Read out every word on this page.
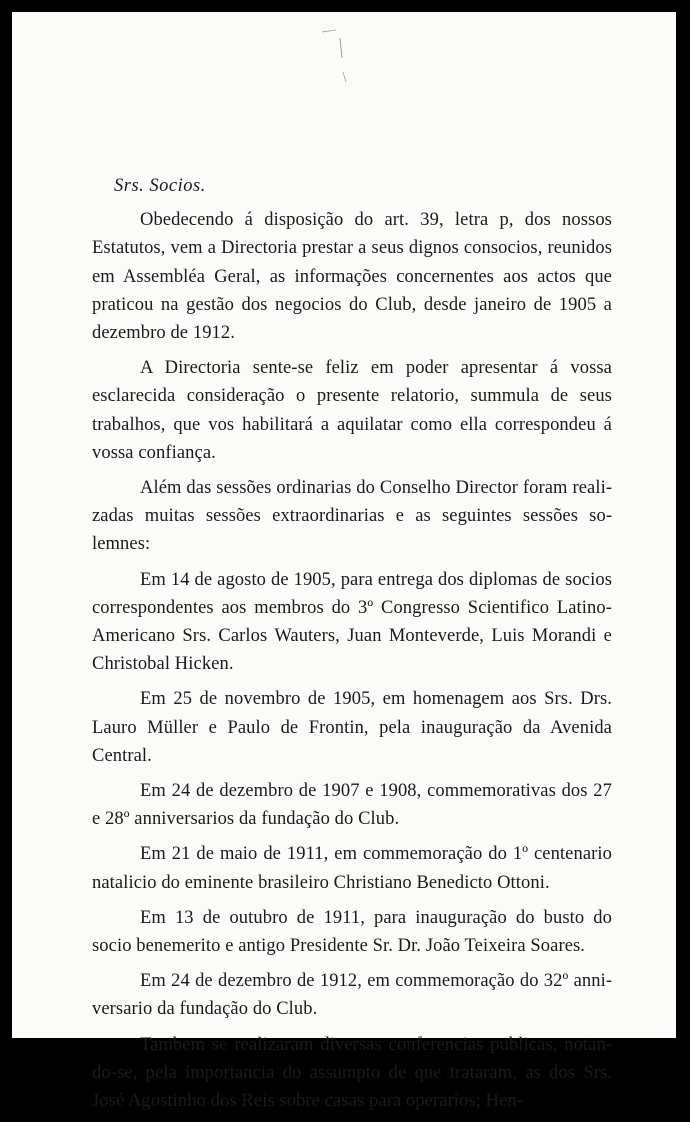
Srs. Socios.

Obedecendo á disposição do art. 39, letra p, dos nossos Estatutos, vem a Directoria prestar a seus dignos consocios, reunidos em Assembléa Geral, as informações concernentes aos actos que praticou na gestão dos negocios do Club, desde janeiro de 1905 a dezembro de 1912.

A Directoria sente-se feliz em poder apresentar á vossa esclarecida consideração o presente relatorio, summula de seus trabalhos, que vos habilitará a aquilatar como ella correspondeu á vossa confiança.

Além das sessões ordinarias do Conselho Director foram realizadas muitas sessões extraordinarias e as seguintes sessões solemnes:

Em 14 de agosto de 1905, para entrega dos diplomas de socios correspondentes aos membros do 3º Congresso Scientifico Latino-Americano Srs. Carlos Wauters, Juan Monteverde, Luis Morandi e Christobal Hicken.

Em 25 de novembro de 1905, em homenagem aos Srs. Drs. Lauro Müller e Paulo de Frontin, pela inauguração da Avenida Central.

Em 24 de dezembro de 1907 e 1908, commemorativas dos 27 e 28º anniversarios da fundação do Club.

Em 21 de maio de 1911, em commemoração do 1º centenario natalicio do eminente brasileiro Christiano Benedicto Ottoni.

Em 13 de outubro de 1911, para inauguração do busto do socio benemerito e antigo Presidente Sr. Dr. João Teixeira Soares.

Em 24 de dezembro de 1912, em commemoração do 32º anniversario da fundação do Club.

Tambem se realizaram diversas conferencias publicas, notando-se, pela importancia do assumpto de que trataram, as dos Srs. José Agostinho dos Reis sobre casas para operarios; Hen-
